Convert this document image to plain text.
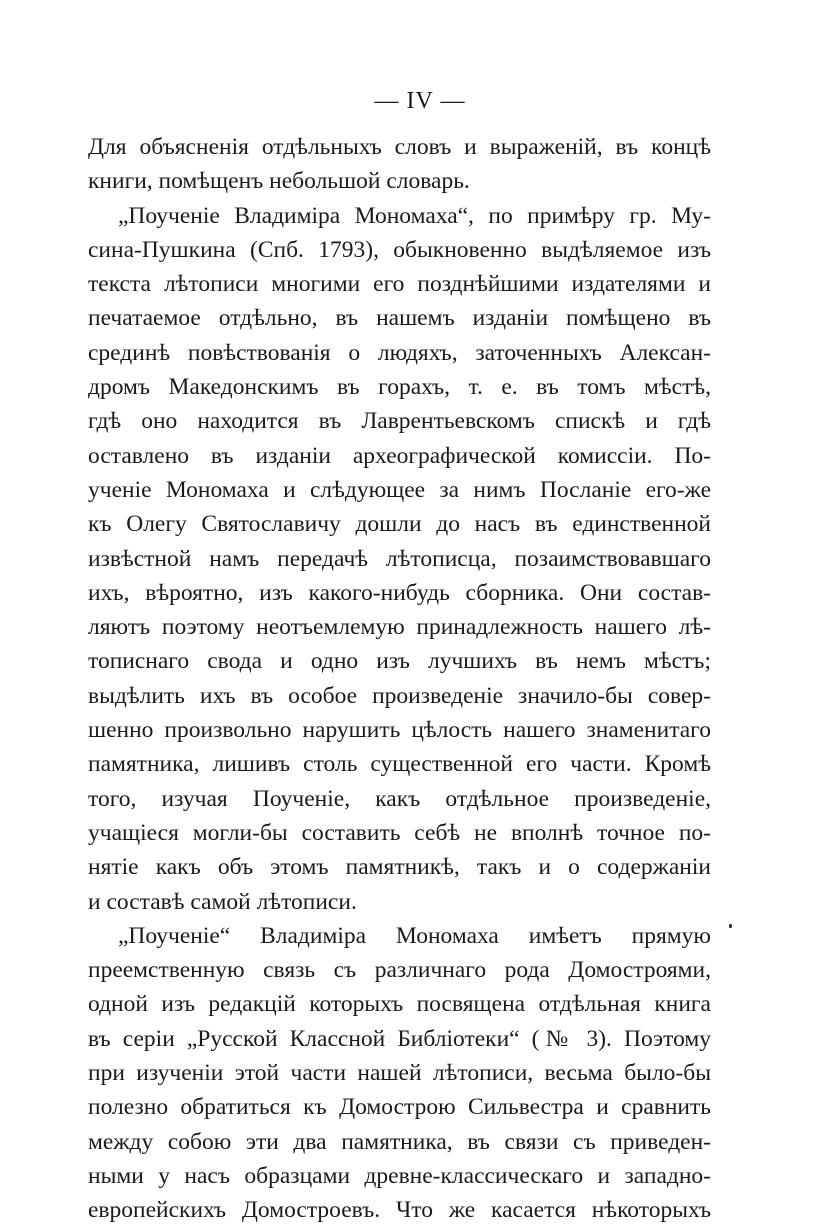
— IV —
Для объясненія отдѣльныхъ словъ и выраженій, въ концѣ
книги, помѣщенъ небольшой словарь.
„Поученіе Владиміра Мономаха“, по примѣру гр. Му-
сина-Пушкина (Спб. 1793), обыкновенно выдѣляемое изъ
текста лѣтописи многими его позднѣйшими издателями и
печатаемое отдѣльно, въ нашемъ изданіи помѣщено въ
срединѣ повѣствованія о людяхъ, заточенныхъ Алексан-
дромъ Македонскимъ въ горахъ, т. е. въ томъ мѣстѣ,
гдѣ оно находится въ Лаврентьевскомъ спискѣ и гдѣ
оставлено въ изданіи археографической комиссіи. По-
ученіе Мономаха и слѣдующее за нимъ Посланіе его-же
къ Олегу Святославичу дошли до насъ въ единственной
извѣстной намъ передачѣ лѣтописца, позаимствовавшаго
ихъ, вѣроятно, изъ какого-нибудь сборника. Они состав-
ляютъ поэтому неотъемлемую принадлежность нашего лѣ-
тописнаго свода и одно изъ лучшихъ въ немъ мѣстъ;
выдѣлить ихъ въ особое произведеніе значило-бы совер-
шенно произвольно нарушить цѣлость нашего знаменитаго
памятника, лишивъ столь существенной его части. Кромѣ
того, изучая Поученіе, какъ отдѣльное произведеніе,
учащіеся могли-бы составить себѣ не вполнѣ точное по-
нятіе какъ объ этомъ памятникѣ, такъ и о содержаніи
и составѣ самой лѣтописи.
„Поученіе“ Владиміра Мономаха имѣетъ прямую
преемственную связь съ различнаго рода Домостроями,
одной изъ редакцій которыхъ посвящена отдѣльная книга
въ серіи „Русской Классной Библіотеки“ (№ 3). Поэтому
при изученіи этой части нашей лѣтописи, весьма было-бы
полезно обратиться къ Домострою Сильвестра и сравнить
между собою эти два памятника, въ связи съ приведен-
ными у насъ образцами древне-классическаго и западно-
европейскихъ Домостроевъ. Что же касается нѣкоторыхъ
